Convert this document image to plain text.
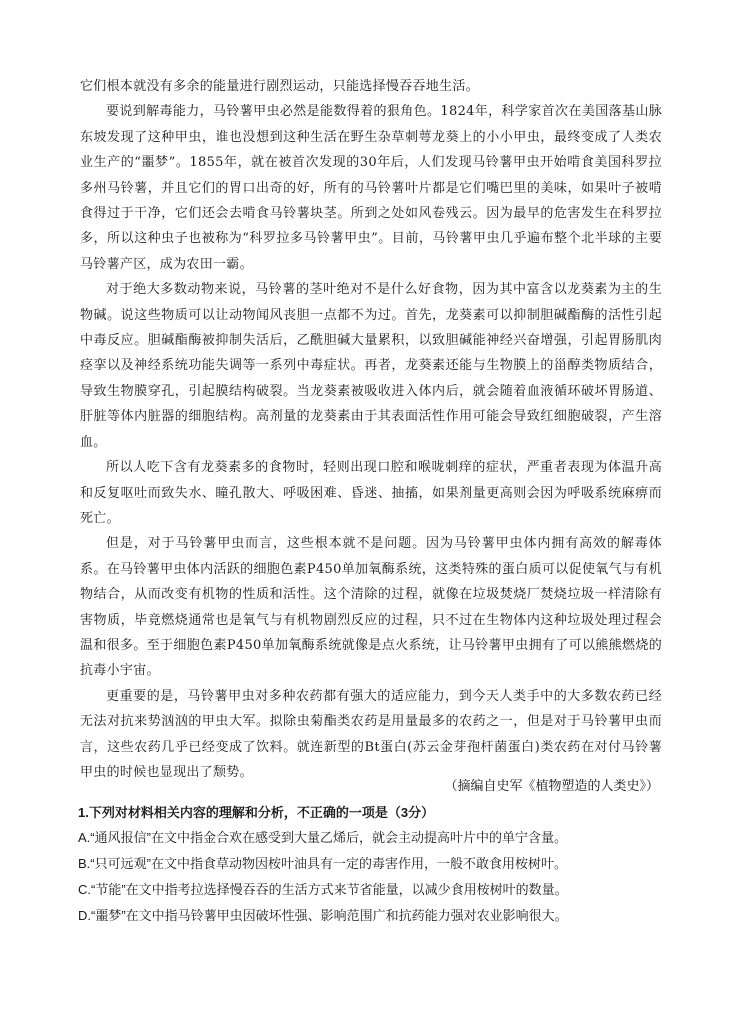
它们根本就没有多余的能量进行剧烈运动，只能选择慢吞吞地生活。

要说到解毒能力，马铃薯甲虫必然是能数得着的狠角色。1824年，科学家首次在美国落基山脉东坡发现了这种甲虫，谁也没想到这种生活在野生杂草刺萼龙葵上的小小甲虫，最终变成了人类农业生产的“噩梦”。1855年，就在被首次发现的30年后，人们发现马铃薯甲虫开始啃食美国科罗拉多州马铃薯，并且它们的胃口出奇的好，所有的马铃薯叶片都是它们嘴巴里的美味，如果叶子被啃食得过于干净，它们还会去啃食马铃薯块茎。所到之处如风卷残云。因为最早的危害发生在科罗拉多，所以这种虫子也被称为“科罗拉多马铃薯甲虫”。目前，马铃薯甲虫几乎遍布整个北半球的主要马铃薯产区，成为农田一霸。

对于绝大多数动物来说，马铃薯的茎叶绝对不是什么好食物，因为其中富含以龙葵素为主的生物碱。说这些物质可以让动物闻风丧胆一点都不为过。首先，龙葵素可以抑制胆碱酯酶的活性引起中毒反应。胆碱酯酶被抑制失活后，乙酰胆碱大量累积，以致胆碱能神经兴奋增强，引起胃肠肌肉痉挛以及神经系统功能失调等一系列中毒症状。再者，龙葵素还能与生物膜上的甾醇类物质结合，导致生物膜穿孔，引起膜结构破裂。当龙葵素被吸收进入体内后，就会随着血液循环破坏胃肠道、肝脏等体内脏器的细胞结构。高剂量的龙葵素由于其表面活性作用可能会导致红细胞破裂，产生溶血。

所以人吃下含有龙葵素多的食物时，轻则出现口腔和喉咙刺痒的症状，严重者表现为体温升高和反复呕吐而致失水、瞳孔散大、呼吸困难、昏迷、抽搐，如果剂量更高则会因为呼吸系统麻痹而死亡。

但是，对于马铃薯甲虫而言，这些根本就不是问题。因为马铃薯甲虫体内拥有高效的解毒体系。在马铃薯甲虫体内活跃的细胞色素P450单加氧酶系统，这类特殊的蛋白质可以促使氧气与有机物结合，从而改变有机物的性质和活性。这个清除的过程，就像在垃圾焚烧厂焚烧垃圾一样清除有害物质，毕竟燃烧通常也是氧气与有机物剧烈反应的过程，只不过在生物体内这种垃圾处理过程会温和很多。至于细胞色素P450单加氧酶系统就像是点火系统，让马铃薯甲虫拥有了可以熊熊燃烧的抗毒小宇宙。

更重要的是，马铃薯甲虫对多种农药都有强大的适应能力，到今天人类手中的大多数农药已经无法对抗来势汹汹的甲虫大军。拟除虫菊酯类农药是用量最多的农药之一，但是对于马铃薯甲虫而言，这些农药几乎已经变成了饮料。就连新型的Bt蛋白(苏云金芽孢杆菌蛋白)类农药在对付马铃薯甲虫的时候也显现出了颓势。

（摘编自史军《植物塑造的人类史》）

1.下列对材料相关内容的理解和分析，不正确的一项是（3分）

A.“通风报信”在文中指金合欢在感受到大量乙烯后，就会主动提高叶片中的单宁含量。

B.“只可远观”在文中指食草动物因桉叶油具有一定的毒害作用，一般不敢食用桉树叶。

C.“节能”在文中指考拉选择慢吞吞的生活方式来节省能量，以减少食用桉树叶的数量。

D.“噩梦”在文中指马铃薯甲虫因破坏性强、影响范围广和抗药能力强对农业影响很大。
